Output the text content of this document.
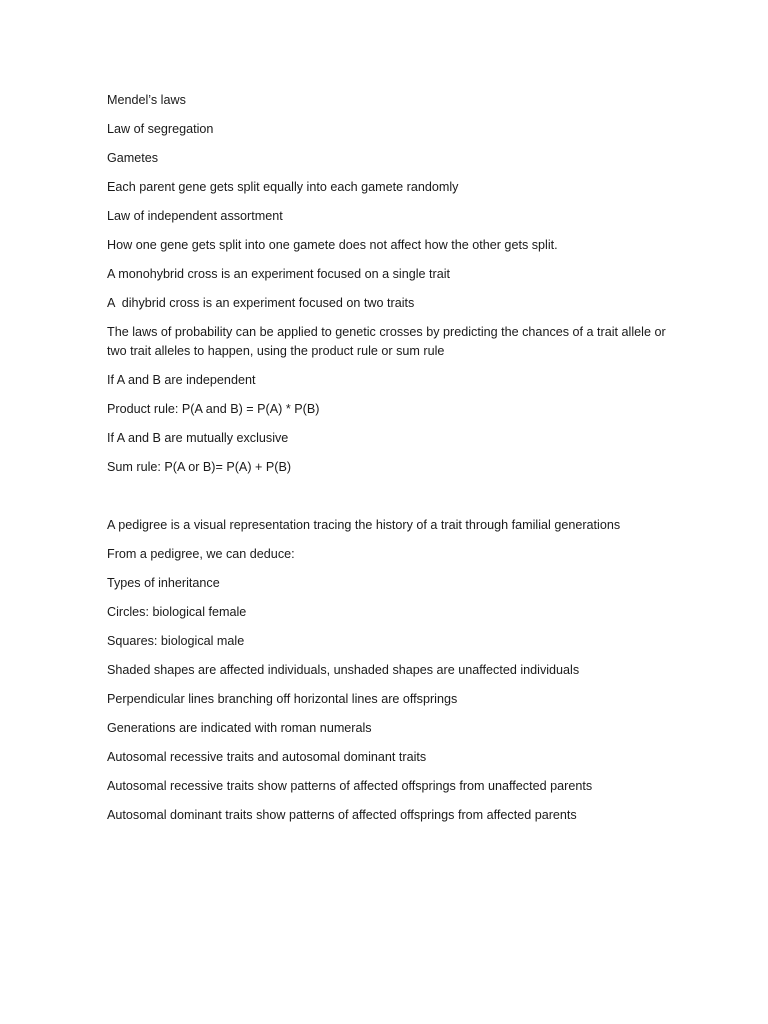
Mendel’s laws
Law of segregation
Gametes
Each parent gene gets split equally into each gamete randomly
Law of independent assortment
How one gene gets split into one gamete does not affect how the other gets split.
A monohybrid cross is an experiment focused on a single trait
A  dihybrid cross is an experiment focused on two traits
The laws of probability can be applied to genetic crosses by predicting the chances of a trait allele or two trait alleles to happen, using the product rule or sum rule
If A and B are independent
Product rule: P(A and B) = P(A) * P(B)
If A and B are mutually exclusive
Sum rule: P(A or B)= P(A) + P(B)
A pedigree is a visual representation tracing the history of a trait through familial generations
From a pedigree, we can deduce:
Types of inheritance
Circles: biological female
Squares: biological male
Shaded shapes are affected individuals, unshaded shapes are unaffected individuals
Perpendicular lines branching off horizontal lines are offsprings
Generations are indicated with roman numerals
Autosomal recessive traits and autosomal dominant traits
Autosomal recessive traits show patterns of affected offsprings from unaffected parents
Autosomal dominant traits show patterns of affected offsprings from affected parents
